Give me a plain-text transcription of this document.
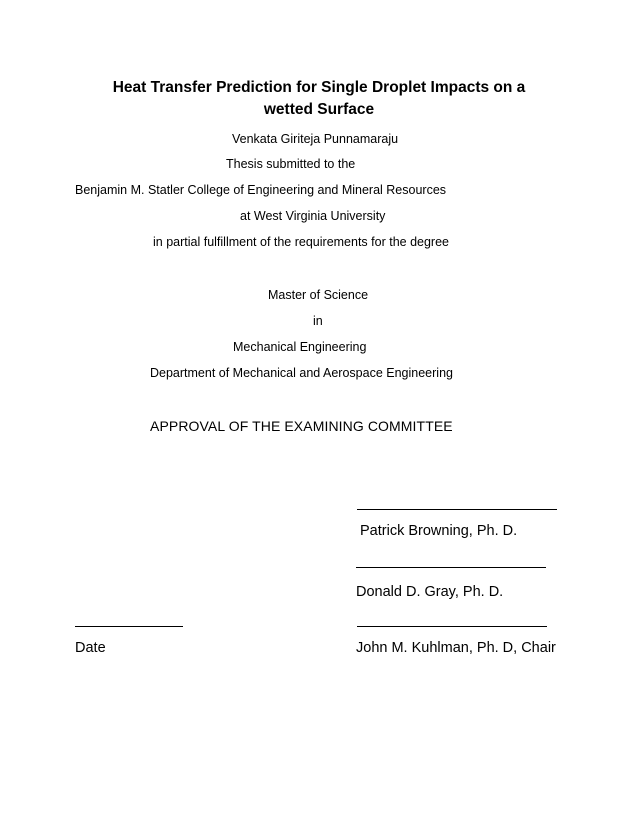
Heat Transfer Prediction for Single Droplet Impacts on a
wetted Surface
Venkata Giriteja Punnamaraju
Thesis submitted to the
Benjamin M. Statler College of Engineering and Mineral Resources
at West Virginia University
in partial fulfillment of the requirements for the degree
Master of Science
in
Mechanical Engineering
Department of Mechanical and Aerospace Engineering
APPROVAL OF THE EXAMINING COMMITTEE
Patrick Browning, Ph. D.
Donald D. Gray, Ph. D.
Date	John M. Kuhlman, Ph. D, Chair
